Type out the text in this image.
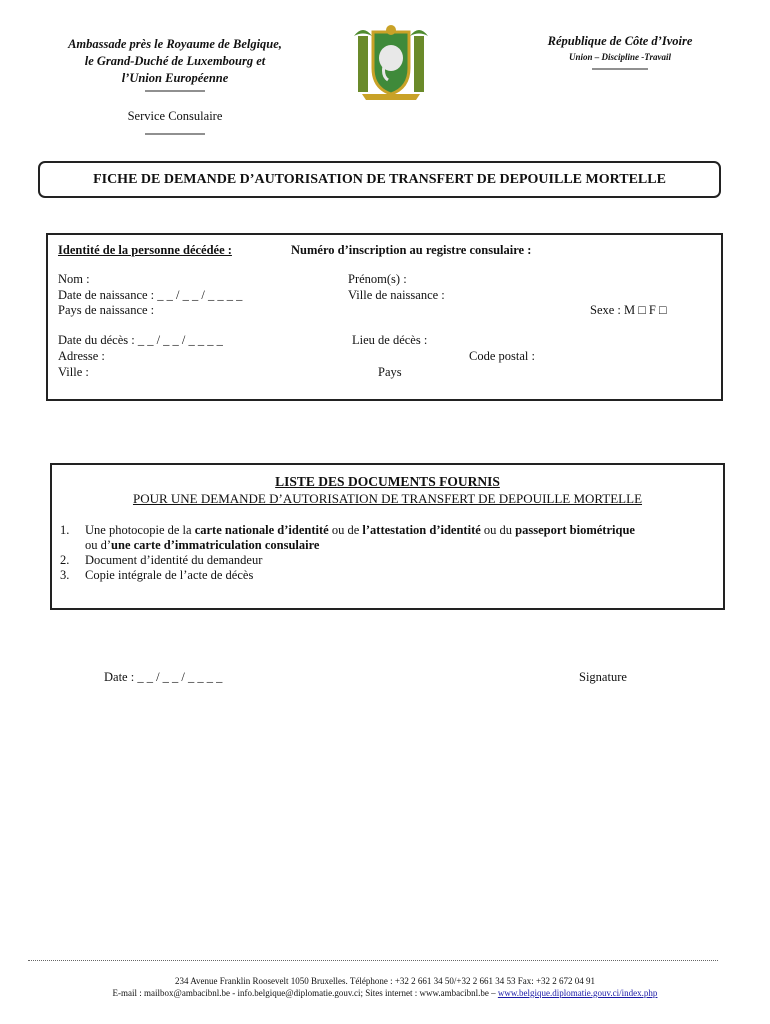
Ambassade près le Royaume de Belgique,
le Grand-Duché de Luxembourg et
l’Union Européenne
Service Consulaire
République de Côte d’Ivoire
Union – Discipline -Travail
FICHE DE DEMANDE D’AUTORISATION DE TRANSFERT DE DEPOUILLE MORTELLE
Identité de la personne décédée :	Numéro d’inscription au registre consulaire :
Nom :	Prénom(s) :
Date de naissance : _ _ / _ _ / _ _ _ _	Ville de naissance :
Pays de naissance :	Sexe : M □ F □
Date du décès : _ _ / _ _ / _ _ _ _	Lieu de décès :
Adresse :	Code postal :
Ville :	Pays
LISTE DES DOCUMENTS FOURNIS
POUR UNE DEMANDE D’AUTORISATION DE TRANSFERT DE DEPOUILLE MORTELLE
1.	Une photocopie de la carte nationale d’identité ou de l’attestation d’identité ou du passeport biométrique
ou d’une carte d’immatriculation consulaire
2.	Document d’identité du demandeur
3.	Copie intégrale de l’acte de décès
Date : _ _ / _ _ / _ _ _ _	Signature
234 Avenue Franklin Roosevelt 1050 Bruxelles. Téléphone : +32 2 661 34 50/+32 2 661 34 53 Fax: +32 2 672 04 91
E-mail : mailbox@ambacibnl.be - info.belgique@diplomatie.gouv.ci; Sites internet : www.ambacibnl.be – www.belgique.diplomatie.gouv.ci/index.php
